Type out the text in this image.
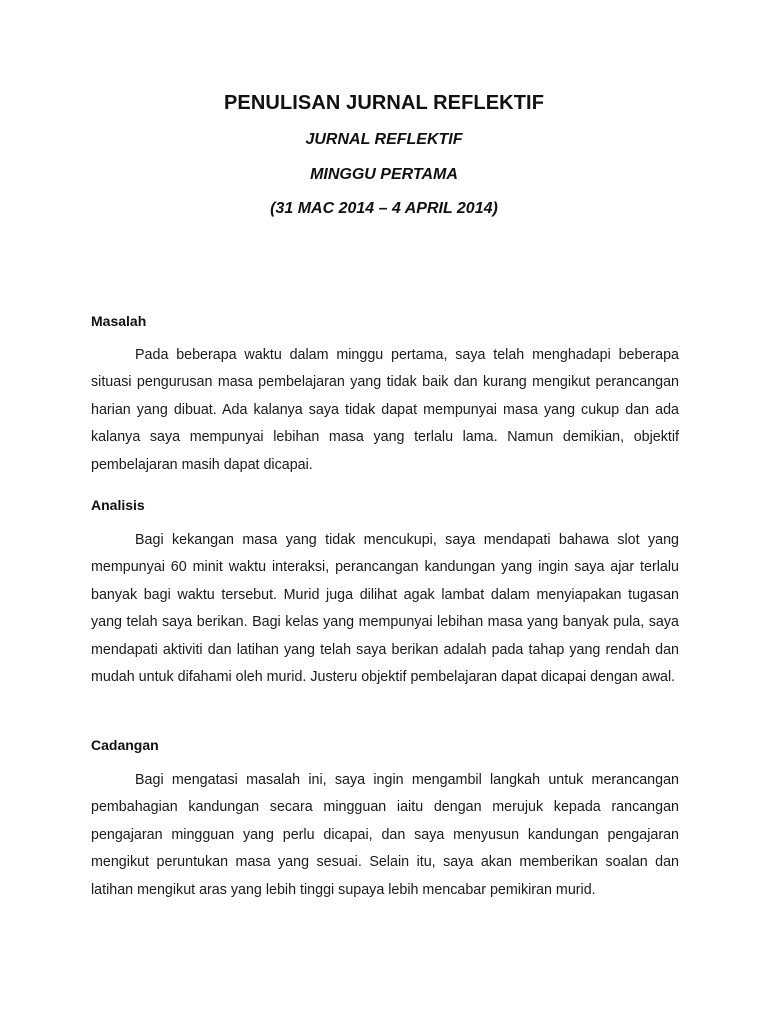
PENULISAN JURNAL REFLEKTIF
JURNAL REFLEKTIF
MINGGU PERTAMA
(31 MAC 2014 – 4 APRIL 2014)
Masalah

Pada beberapa waktu dalam minggu pertama, saya telah menghadapi beberapa situasi pengurusan masa pembelajaran yang tidak baik dan kurang mengikut perancangan harian yang dibuat. Ada kalanya saya tidak dapat mempunyai masa yang cukup dan ada kalanya saya mempunyai lebihan masa yang terlalu lama. Namun demikian, objektif pembelajaran masih dapat dicapai.

Analisis

Bagi kekangan masa yang tidak mencukupi, saya mendapati bahawa slot yang mempunyai 60 minit waktu interaksi, perancangan kandungan yang ingin saya ajar terlalu banyak bagi waktu tersebut. Murid juga dilihat agak lambat dalam menyiapakan tugasan yang telah saya berikan. Bagi kelas yang mempunyai lebihan masa yang banyak pula, saya mendapati aktiviti dan latihan yang telah saya berikan adalah pada tahap yang rendah dan mudah untuk difahami oleh murid. Justeru objektif pembelajaran dapat dicapai dengan awal.

Cadangan

Bagi mengatasi masalah ini, saya ingin mengambil langkah untuk merancangan pembahagian kandungan secara mingguan iaitu dengan merujuk kepada rancangan pengajaran mingguan yang perlu dicapai, dan saya menyusun kandungan pengajaran mengikut peruntukan masa yang sesuai. Selain itu, saya akan memberikan soalan dan latihan mengikut aras yang lebih tinggi supaya lebih mencabar pemikiran murid.
